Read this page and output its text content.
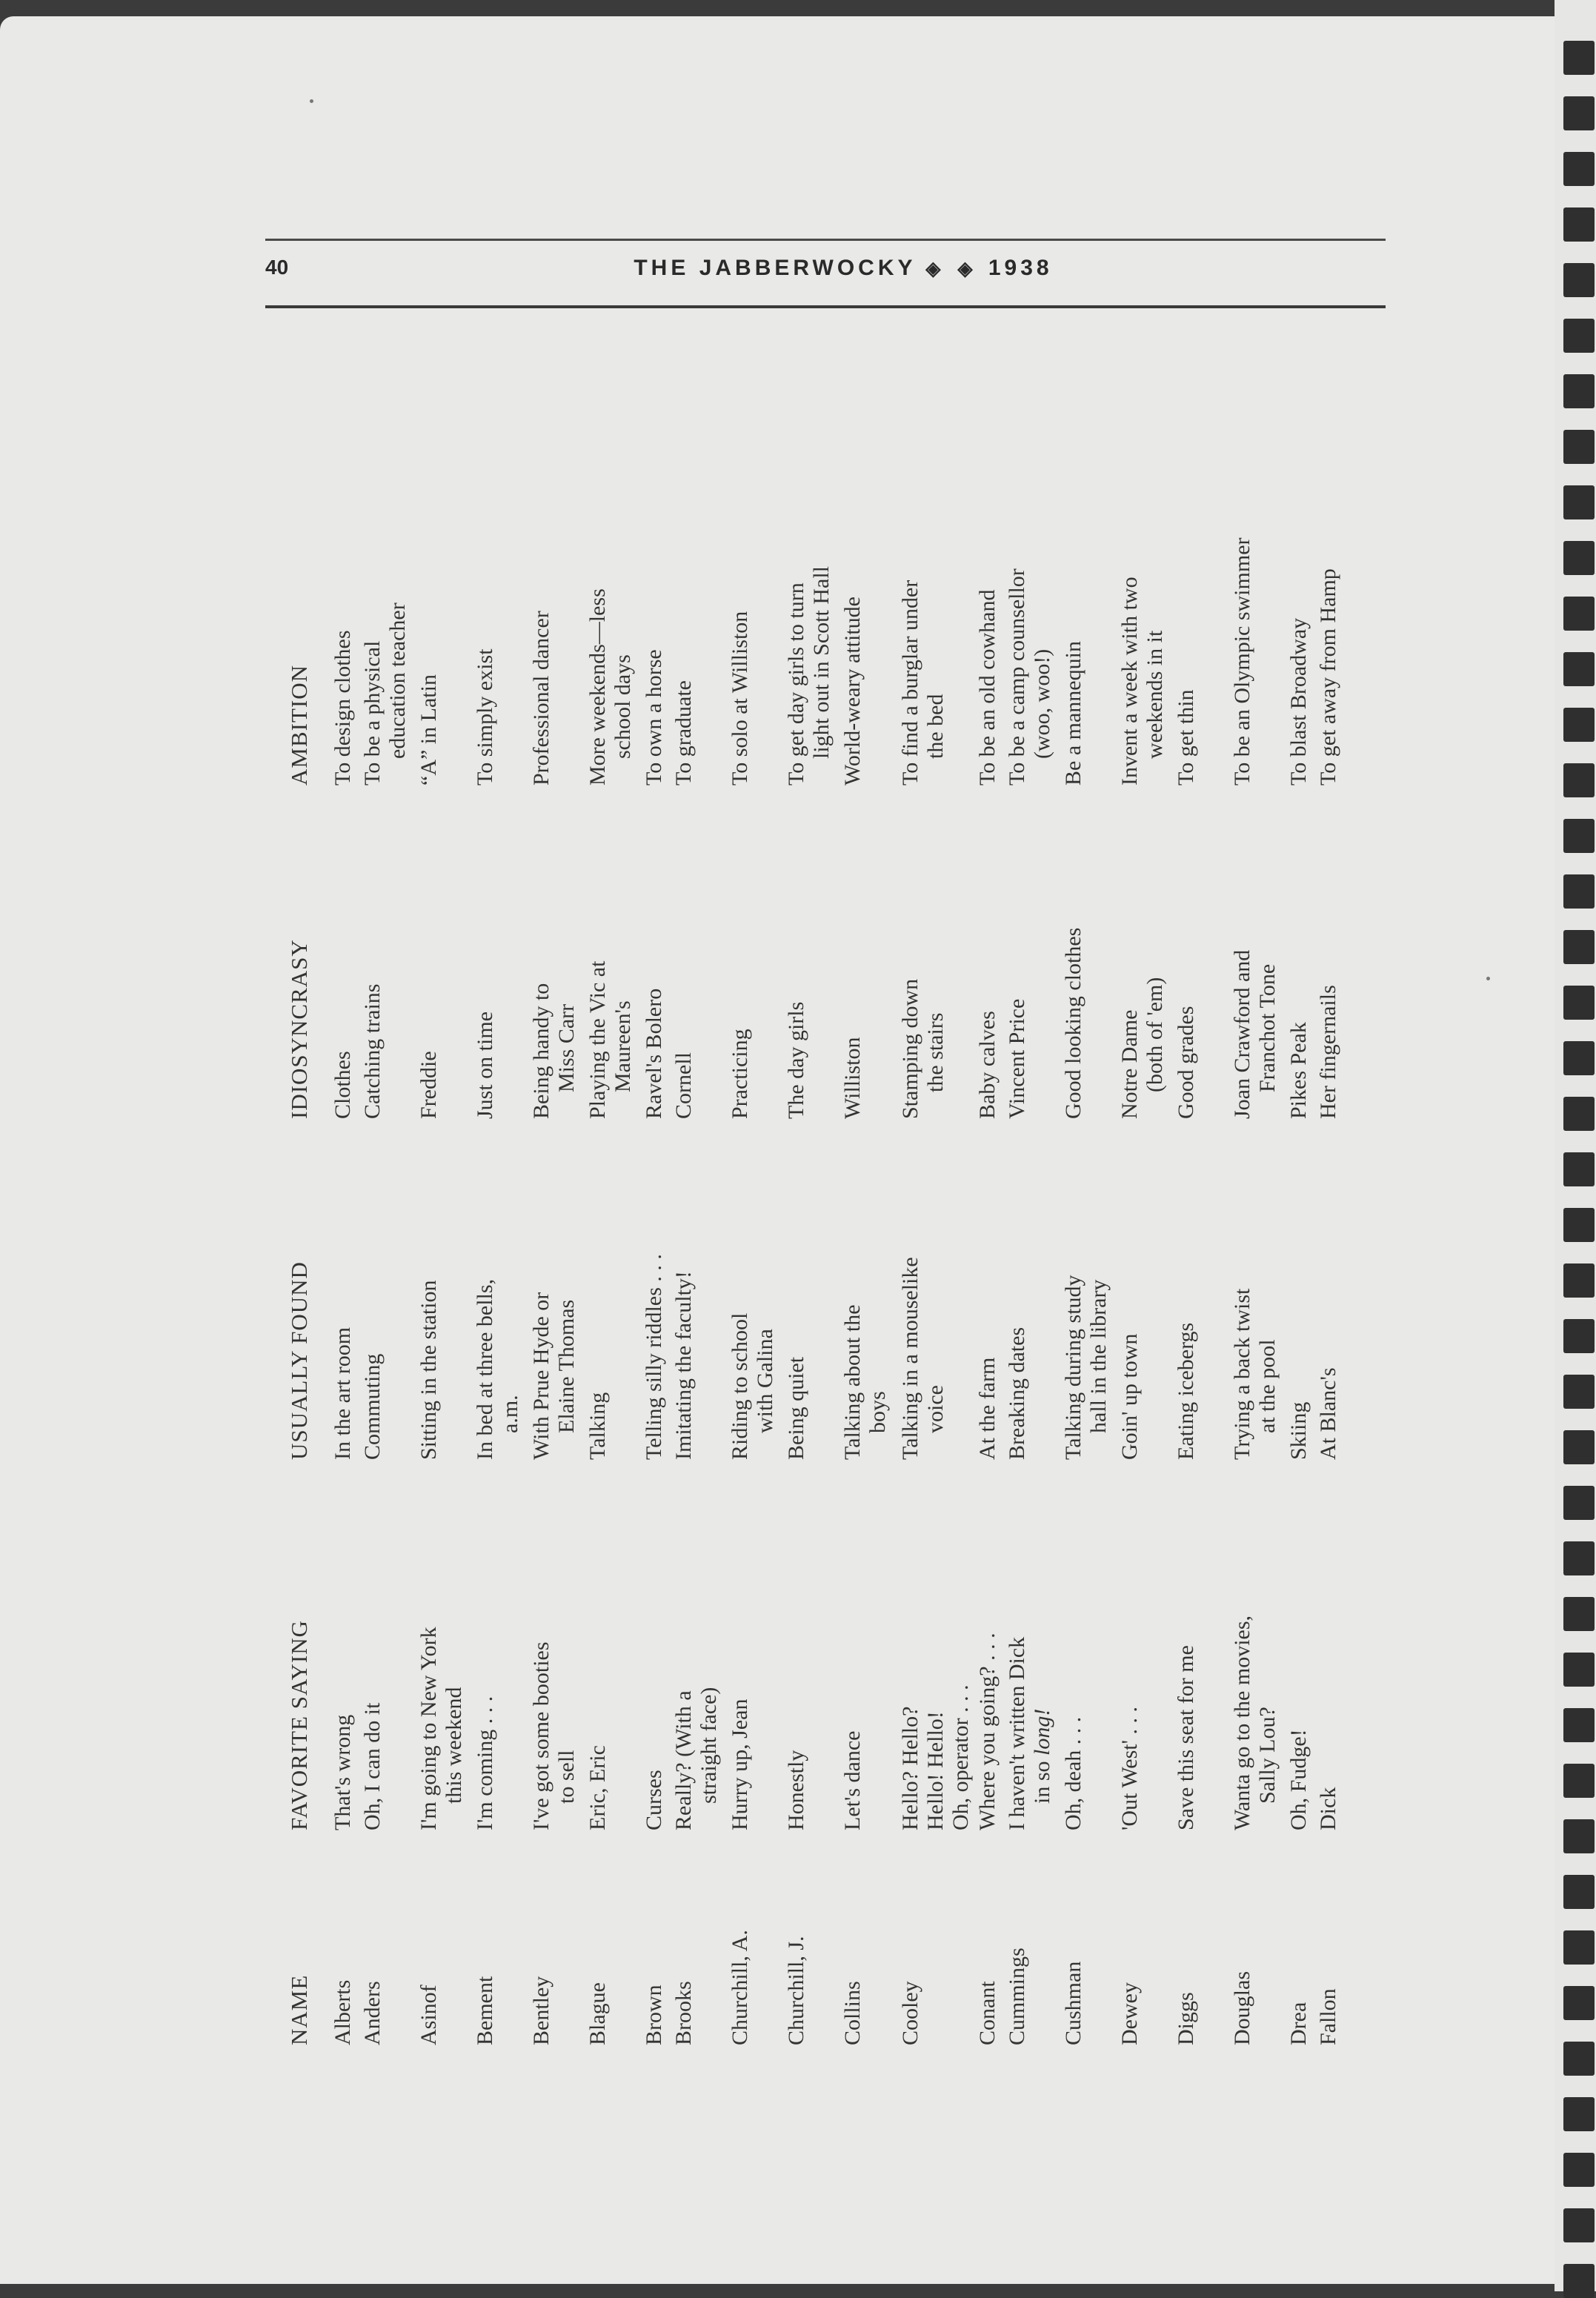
40	THE JABBERWOCKY ◈ ◈ 1938
NAME
FAVORITE SAYING
USUALLY FOUND
IDIOSYNCRASY
AMBITION
Alberts
That's wrong
In the art room
Clothes
To design clothes
Anders
Oh, I can do it
Commuting
Catching trains
To be a physical education teacher
Asinof
I'm going to New York this weekend
Sitting in the station
Freddie
“A” in Latin
Bement
I'm coming . . .
In bed at three bells, a.m.
Just on time
To simply exist
Bentley
I've got some booties to sell
With Prue Hyde or Elaine Thomas
Being handy to Miss Carr
Professional dancer
Blague
Eric, Eric
Talking
Playing the Vic at Maureen's
More weekends—less school days
Brown
Curses
Telling silly riddles . . .
Ravel's Bolero
To own a horse
Brooks
Really? (With a straight face)
Imitating the faculty!
Cornell
To graduate
Churchill, A.
Hurry up, Jean
Riding to school with Galina
Practicing
To solo at Williston
Churchill, J.
Honestly
Being quiet
The day girls
To get day girls to turn light out in Scott Hall
Collins
Let's dance
Talking about the boys
Williston
World-weary attitude
Cooley
Hello? Hello? Hello! Hello! Oh, operator . . .
Talking in a mouselike voice
Stamping down the stairs
To find a burglar under the bed
Conant
Where you going? . . .
At the farm
Baby calves
To be an old cowhand
Cummings
I haven't written Dick in so long!
Breaking dates
Vincent Price
To be a camp counsellor (woo, woo!)
Cushman
Oh, deah . . .
Talking during study hall in the library
Good looking clothes
Be a mannequin
Dewey
'Out West' . . .
Goin' up town
Notre Dame (both of 'em)
Invent a week with two weekends in it
Diggs
Save this seat for me
Eating icebergs
Good grades
To get thin
Douglas
Wanta go to the movies, Sally Lou?
Trying a back twist at the pool
Joan Crawford and Franchot Tone
To be an Olympic swimmer
Drea
Oh, Fudge!
Skiing
Pikes Peak
To blast Broadway
Fallon
Dick
At Blanc's
Her fingernails
To get away from Hamp
